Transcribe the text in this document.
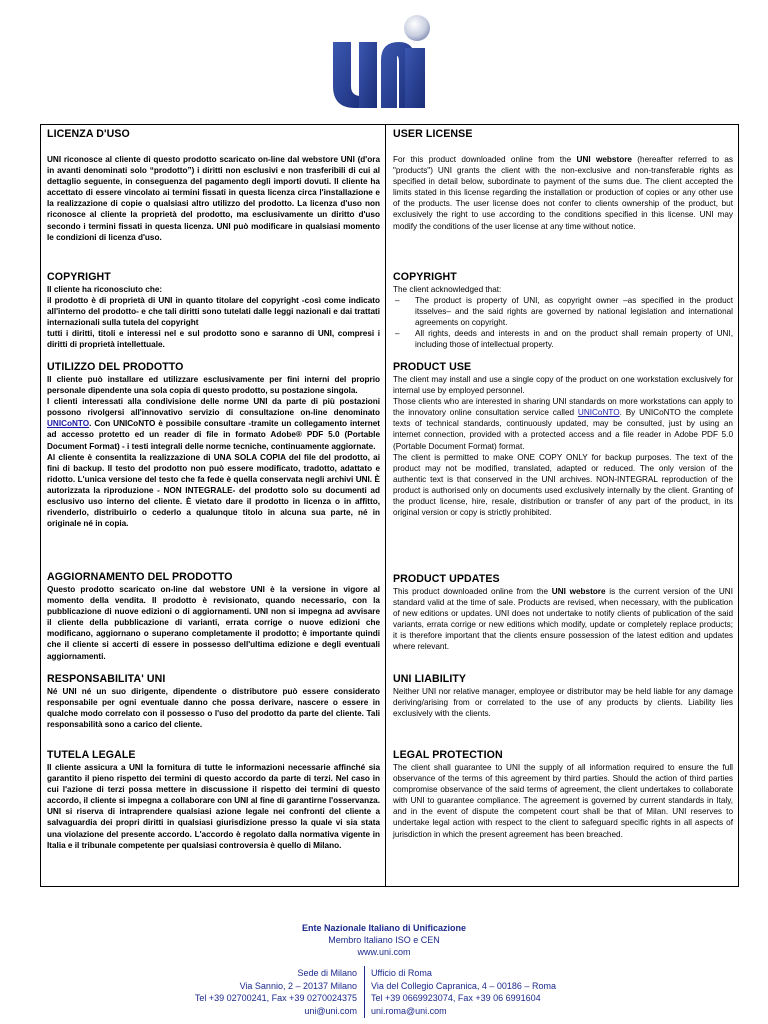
LICENZA D'USO

UNI riconosce al cliente di questo prodotto scaricato on-line dal webstore UNI (d'ora in avanti denominati solo “prodotto”) i diritti non esclusivi e non trasferibili di cui al dettaglio seguente, in conseguenza del pagamento degli importi dovuti. Il cliente ha accettato di essere vincolato ai termini fissati in questa licenza circa l'installazione e la realizzazione di copie o qualsiasi altro utilizzo del prodotto. La licenza d'uso non riconosce al cliente la proprietà del prodotto, ma esclusivamente un diritto d'uso secondo i termini fissati in questa licenza. UNI può modificare in qualsiasi momento le condizioni di licenza d'uso.

COPYRIGHT

Il cliente ha riconosciuto che:
il prodotto è di proprietà di UNI in quanto titolare del copyright -così come indicato all'interno del prodotto- e che tali diritti sono tutelati dalle leggi nazionali e dai trattati internazionali sulla tutela del copyright
tutti i diritti, titoli e interessi nel e sul prodotto sono e saranno di UNI, compresi i diritti di proprietà intellettuale.

UTILIZZO DEL PRODOTTO

Il cliente può installare ed utilizzare esclusivamente per fini interni del proprio personale dipendente una sola copia di questo prodotto, su postazione singola.

I clienti interessati alla condivisione delle norme UNI da parte di più postazioni possono rivolgersi all'innovativo servizio di consultazione on-line denominato UNICoNTO. Con UNICoNTO è possibile consultare -tramite un collegamento internet ad accesso protetto ed un reader di file in formato Adobe® PDF 5.0 (Portable Document Format) - i testi integrali delle norme tecniche, continuamente aggiornate.

Al cliente è consentita la realizzazione di UNA SOLA COPIA del file del prodotto, ai fini di backup. Il testo del prodotto non può essere modificato, tradotto, adattato e ridotto. L'unica versione del testo che fa fede è quella conservata negli archivi UNI. È autorizzata la riproduzione - NON INTEGRALE- del prodotto solo su documenti ad esclusivo uso interno del cliente. È vietato dare il prodotto in licenza o in affitto, rivenderlo, distribuirlo o cederlo a qualunque titolo in alcuna sua parte, né in originale né in copia.

AGGIORNAMENTO DEL PRODOTTO

Questo prodotto scaricato on-line dal webstore UNI è la versione in vigore al momento della vendita. Il prodotto è revisionato, quando necessario, con la pubblicazione di nuove edizioni o di aggiornamenti. UNI non si impegna ad avvisare il cliente della pubblicazione di varianti, errata corrige o nuove edizioni che modificano, aggiornano o superano completamente il prodotto; è importante quindi che il cliente si accerti di essere in possesso dell'ultima edizione e degli eventuali aggiornamenti.

RESPONSABILITA' UNI

Né UNI né un suo dirigente, dipendente o distributore può essere considerato responsabile per ogni eventuale danno che possa derivare, nascere o essere in qualche modo correlato con il possesso o l'uso del prodotto da parte del cliente. Tali responsabilità sono a carico del cliente.

TUTELA LEGALE

Il cliente assicura a UNI la fornitura di tutte le informazioni necessarie affinché sia garantito il pieno rispetto dei termini di questo accordo da parte di terzi. Nel caso in cui l'azione di terzi possa mettere in discussione il rispetto dei termini di questo accordo, il cliente si impegna a collaborare con UNI al fine di garantirne l'osservanza. UNI si riserva di intraprendere qualsiasi azione legale nei confronti del cliente a salvaguardia dei propri diritti in qualsiasi giurisdizione presso la quale vi sia stata una violazione del presente accordo. L'accordo è regolato dalla normativa vigente in Italia e il tribunale competente per qualsiasi controversia è quello di Milano.

USER LICENSE

For this product downloaded online from the UNI webstore (hereafter referred to as "products") UNI grants the client with the non-exclusive and non-transferable rights as specified in detail below, subordinate to payment of the sums due. The client accepted the limits stated in this license regarding the installation or production of copies or any other use of the products. The user license does not confer to clients ownership of the product, but exclusively the right to use according to the conditions specified in this license. UNI may modify the conditions of the user license at any time without notice.

COPYRIGHT

The client acknowledged that:

– The product is property of UNI, as copyright owner –as specified in the product itsselves– and the said rights are governed by national legislation and international agreements on copyright.
– All rights, deeds and interests in and on the product shall remain property of UNI, including those of intellectual property.
PRODUCT USE

The client may install and use a single copy of the product on one workstation exclusively for internal use by employed personnel.

Those clients who are interested in sharing UNI standards on more workstations can apply to the innovatory online consultation service called UNICoNTO. By UNICoNTO the complete texts of technical standards, continuously updated, may be consulted, just by using an internet connection, provided with a protected access and a file reader in Adobe PDF 5.0 (Portable Document Format) format.

The client is permitted to make ONE COPY ONLY for backup purposes. The text of the product may not be modified, translated, adapted or reduced. The only version of the authentic text is that conserved in the UNI archives. NON-INTEGRAL reproduction of the product is authorised only on documents used exclusively internally by the client. Granting of the product license, hire, resale, distribution or transfer of any part of the product, in its original version or copy is strictly prohibited.

PRODUCT UPDATES

This product downloaded online from the UNI webstore is the current version of the UNI standard valid at the time of sale. Products are revised, when necessary, with the publication of new editions or updates. UNI does not undertake to notify clients of publication of the said variants, errata corrige or new editions which modify, update or completely replace products; it is therefore important that the clients ensure possession of the latest edition and updates where relevant.

UNI LIABILITY

Neither UNI nor relative manager, employee or distributor may be held liable for any damage deriving/arising from or correlated to the use of any products by clients. Liability lies exclusively with the clients.

LEGAL PROTECTION

The client shall guarantee to UNI the supply of all information required to ensure the full observance of the terms of this agreement by third parties. Should the action of third parties compromise observance of the said terms of agreement, the client undertakes to collaborate with UNI to guarantee compliance. The agreement is governed by current standards in Italy, and in the event of dispute the competent court shall be that of Milan. UNI reserves to undertake legal action with respect to the client to safeguard specific rights in all aspects of jurisdiction in which the present agreement has been breached.

Ente Nazionale Italiano di Unificazione
Membro Italiano ISO e CEN
www.uni.com
Sede di Milano
Via Sannio, 2 – 20137 Milano
Tel +39 02700241, Fax +39 0270024375
uni@uni.com
Ufficio di Roma
Via del Collegio Capranica, 4 – 00186 – Roma
Tel +39 0669923074, Fax +39 06 6991604
uni.roma@uni.com
